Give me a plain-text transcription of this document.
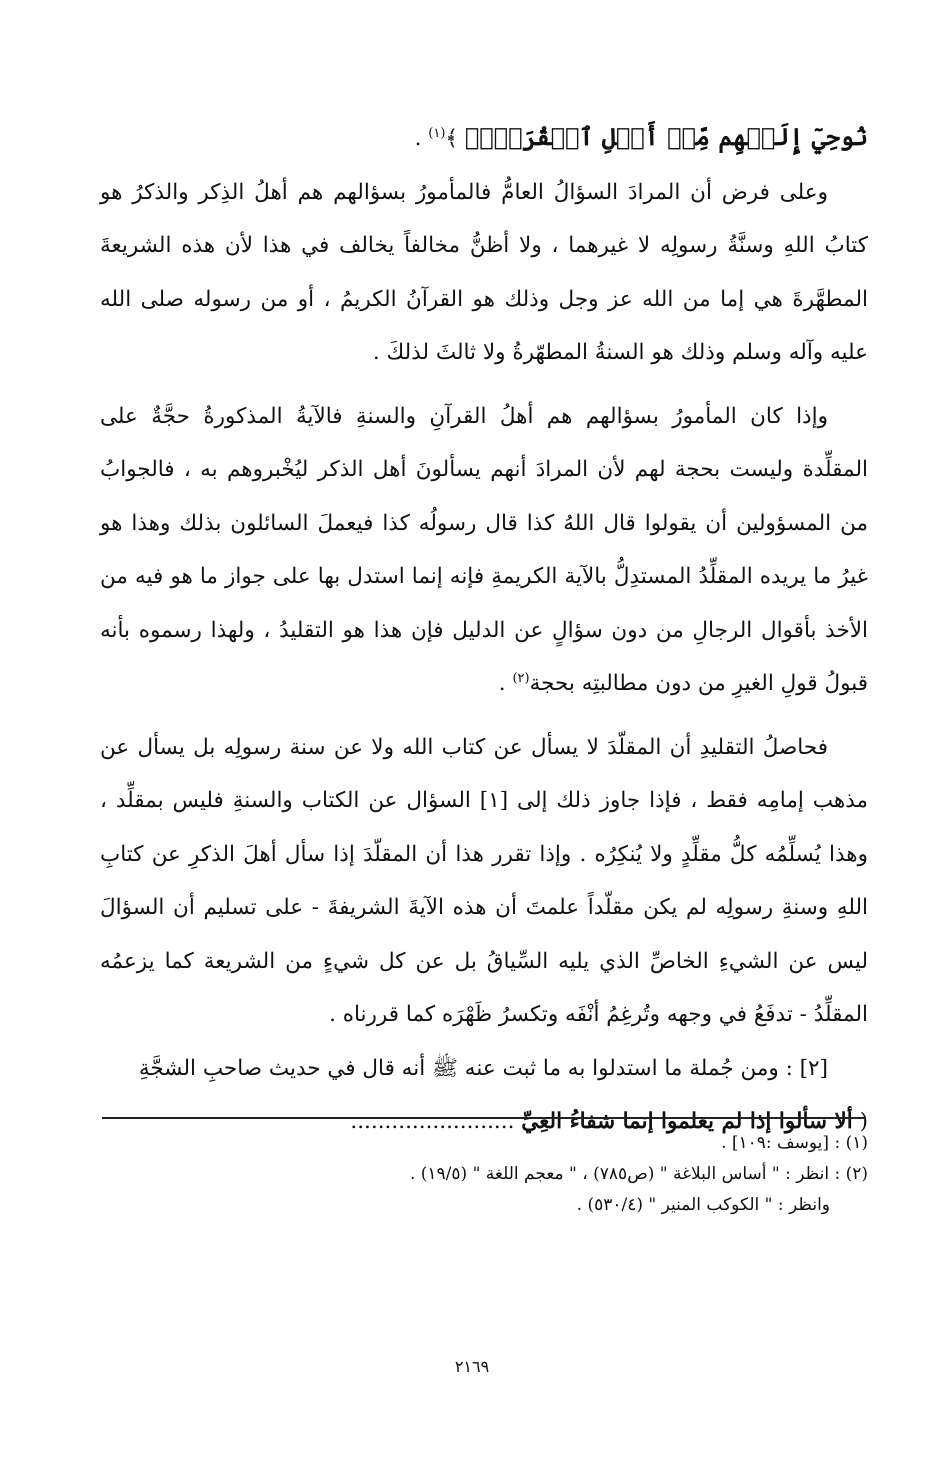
نُوحِيٓ إِلَيۡهِم مِّنۡ أَهۡلِ ٱلۡقُرَىٰٓۗ ﴾$^{(١)}$ .

وعلى فرض أن المرادَ السؤالُ العامُّ فالمأمورُ بسؤالهم هم أهلُ الذِكر والذكرُ هو كتابُ اللهِ وسنَّةُ رسولِه لا غيرهما ، ولا أظنُّ مخالفاً يخالف في هذا لأن هذه الشريعةَ المطهَّرةَ هي إما من الله عز وجل وذلك هو القرآنُ الكريمُ ، أو من رسوله صلى الله عليه وآله وسلم وذلك هو السنةُ المطهّرةُ ولا ثالثَ لذلكَ .

وإذا كان المأمورُ بسؤالهم هم أهلُ القرآنِ والسنةِ فالآيةُ المذكورةُ حجَّةٌ على المقلِّدة وليست بحجة لهم لأن المرادَ أنهم يسألونَ أهل الذكر ليُخْبروهم به ، فالجوابُ من المسؤولين أن يقولوا قال اللهُ كذا قال رسولُه كذا فيعملَ السائلون بذلك وهذا هو غيرُ ما يريده المقلِّدُ المستدِلُّ بالآية الكريمةِ فإنه إنما استدل بها على جواز ما هو فيه من الأخذ بأقوال الرجالِ من دون سؤالٍ عن الدليل فإن هذا هو التقليدُ ، ولهذا رسموه بأنه قبولُ قولِ الغيرِ من دون مطالبتِه بحجة$^{(٢)}$ .

فحاصلُ التقليدِ أن المقلّدَ لا يسأل عن كتاب الله ولا عن سنة رسولِه بل يسأل عن مذهب إمامِه فقط ، فإذا جاوز ذلك إلى [١] السؤال عن الكتاب والسنةِ فليس بمقلِّد ، وهذا يُسلِّمُه كلُّ مقلِّدٍ ولا يُنكِرُه . وإذا تقرر هذا أن المقلّدَ إذا سأل أهلَ الذكرِ عن كتابِ اللهِ وسنةِ رسولِه لم يكن مقلّداً علمتَ أن هذه الآيةَ الشريفةَ - على تسليم أن السؤالَ ليس عن الشيءِ الخاصِّ الذي يليه السِّياقُ بل عن كل شيءٍ من الشريعة كما يزعمُه المقلِّدُ - تدفَعُ في وجهه وتُرغِمُ أنْفَه وتكسرُ ظَهْرَه كما قررناه .

[٢] : ومن جُملة ما استدلوا به ما ثبت عنه ﷺ أنه قال في حديث صاحبِ الشجَّةِ

( ألا سألوا إذا لم يعلموا إنما شفاءُ العِيِّ ........................

(١) : [يوسف :١٠٩] .
(٢) : انظر : " أساس البلاغة " (ص٧٨٥) ، " معجم اللغة " (١٩/٥) .
وانظر : " الكوكب المنير " (٥٣٠/٤) .
٢١٦٩
